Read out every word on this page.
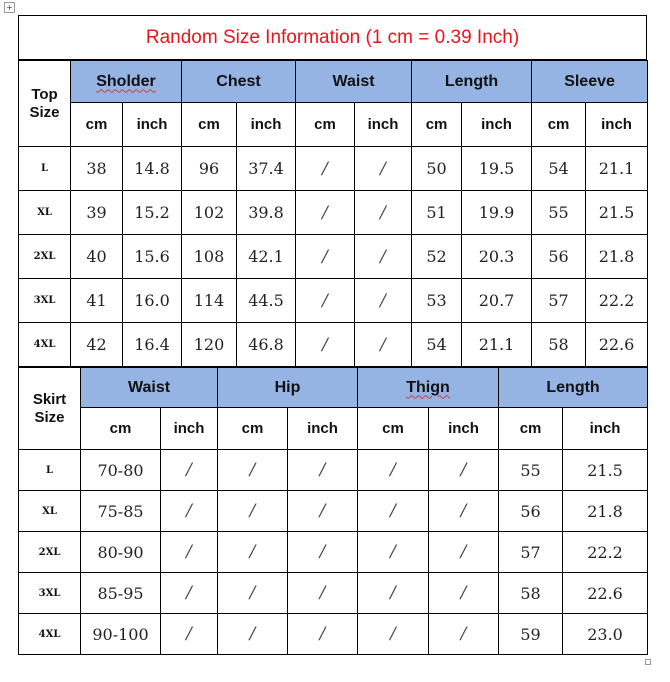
+
Random Size Information (1 cm = 0.39 Inch)
Top
Size	Sholder		Chest		Waist		Length		Sleeve	
	cm	inch	cm	inch	cm	inch	cm	inch	cm	inch
L	38	14.8	96	37.4	/	/	50	19.5	54	21.1
XL	39	15.2	102	39.8	/	/	51	19.9	55	21.5
2XL	40	15.6	108	42.1	/	/	52	20.3	56	21.8
3XL	41	16.0	114	44.5	/	/	53	20.7	57	22.2
4XL	42	16.4	120	46.8	/	/	54	21.1	58	22.6
Skirt
Size	Waist		Hip		Thign		Length	
	cm	inch	cm	inch	cm	inch	cm	inch
L	70-80	/	/	/	/	/	55	21.5
XL	75-85	/	/	/	/	/	56	21.8
2XL	80-90	/	/	/	/	/	57	22.2
3XL	85-95	/	/	/	/	/	58	22.6
4XL	90-100	/	/	/	/	/	59	23.0
